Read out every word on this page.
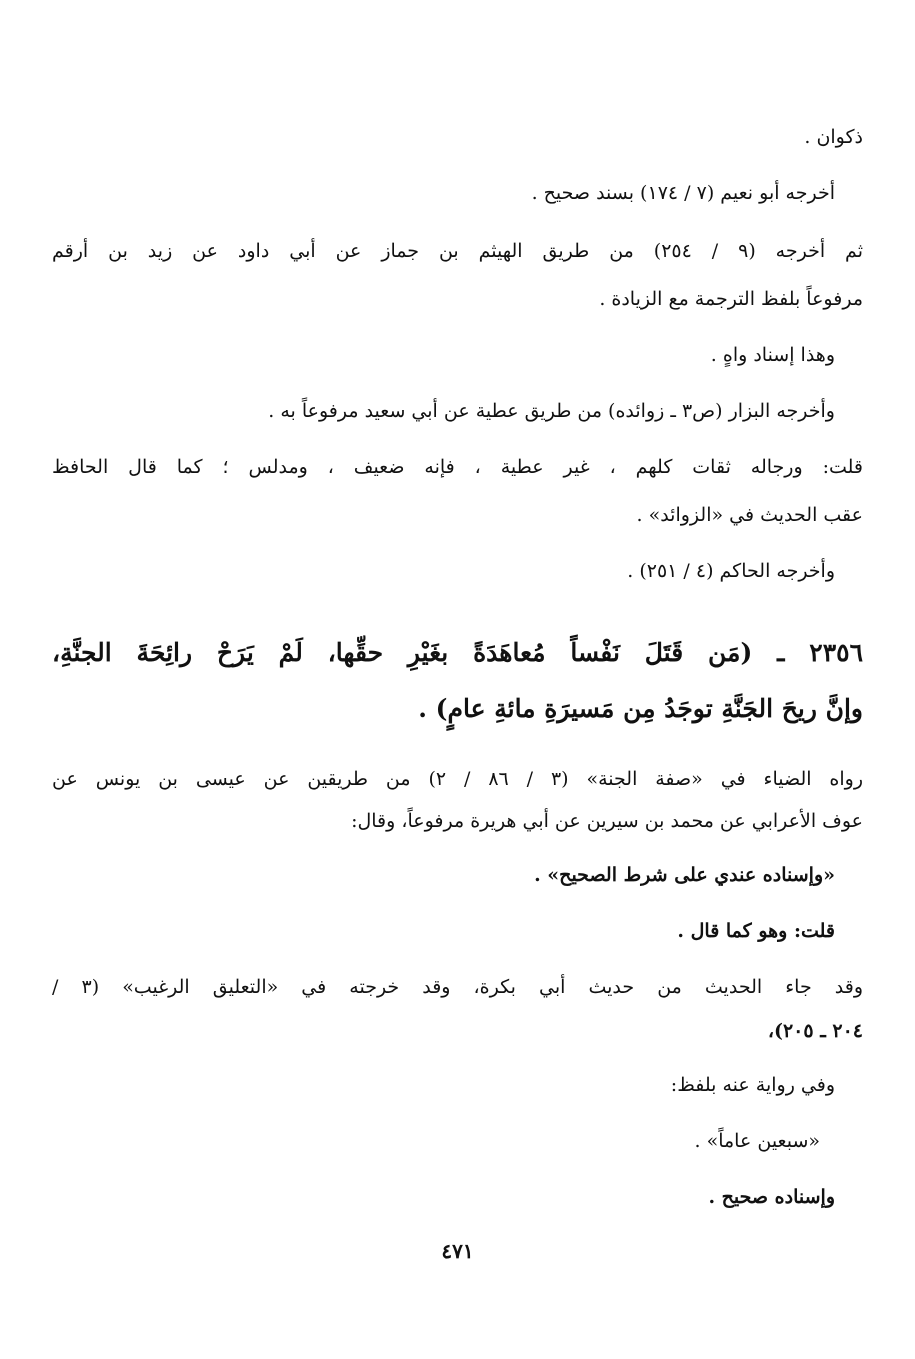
ذكوان .
أخرجه أبو نعيم (٧ / ١٧٤) بسند صحيح .
ثم أخرجه (٩ / ٢٥٤) من طريق الهيثم بن جماز عن أبي داود عن زيد بن أرقم
مرفوعاً بلفظ الترجمة مع الزيادة .
وهذا إسناد واهٍ .
وأخرجه البزار (ص٣ ـ زوائده) من طريق عطية عن أبي سعيد مرفوعاً به .
قلت: ورجاله ثقات كلهم ، غير عطية ، فإنه ضعيف ، ومدلس ؛ كما قال الحافظ
عقب الحديث في «الزوائد» .
وأخرجه الحاكم (٤ / ٢٥١) .
٢٣٥٦ ـ (مَن قَتَلَ نَفْساً مُعاهَدَةً بغَيْرِ حقِّها، لَمْ يَرَحْ رائِحَةَ الجنَّةِ،
وإنَّ ريحَ الجَنَّةِ توجَدُ مِن مَسيرَةِ مائةِ عامٍ) .
رواه الضياء في «صفة الجنة» (٣ / ٨٦ / ٢) من طريقين عن عيسى بن يونس عن
عوف الأعرابي عن محمد بن سيرين عن أبي هريرة مرفوعاً، وقال:
«وإسناده عندي على شرط الصحيح» .
قلت: وهو كما قال .
وقد جاء الحديث من حديث أبي بكرة، وقد خرجته في «التعليق الرغيب» (٣ /
٢٠٤ ـ ٢٠٥)،
وفي رواية عنه بلفظ:
«سبعين عاماً» .
وإسناده صحيح .
٤٧١
